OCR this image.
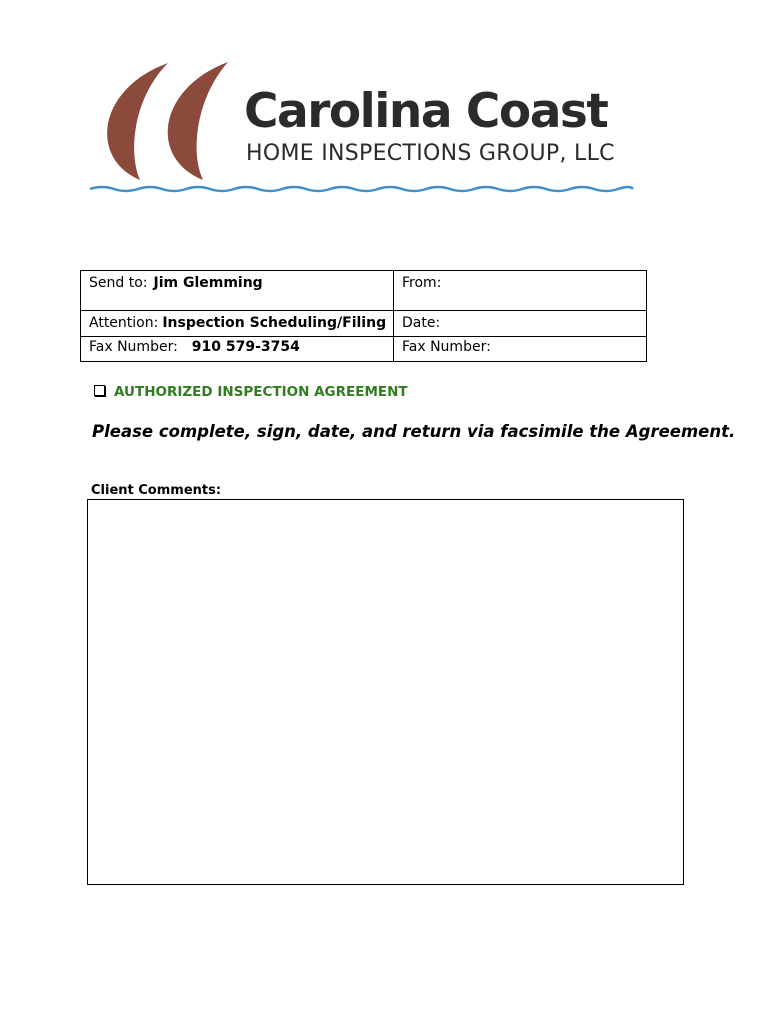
Carolina Coast
HOME INSPECTIONS GROUP, LLC
Send to: Jim Glemming	From:
Attention: Inspection Scheduling/Filing	Date:
Fax Number: 910 579-3754	Fax Number:
AUTHORIZED INSPECTION AGREEMENT
Please complete, sign, date, and return via facsimile the Agreement.
Client Comments:
